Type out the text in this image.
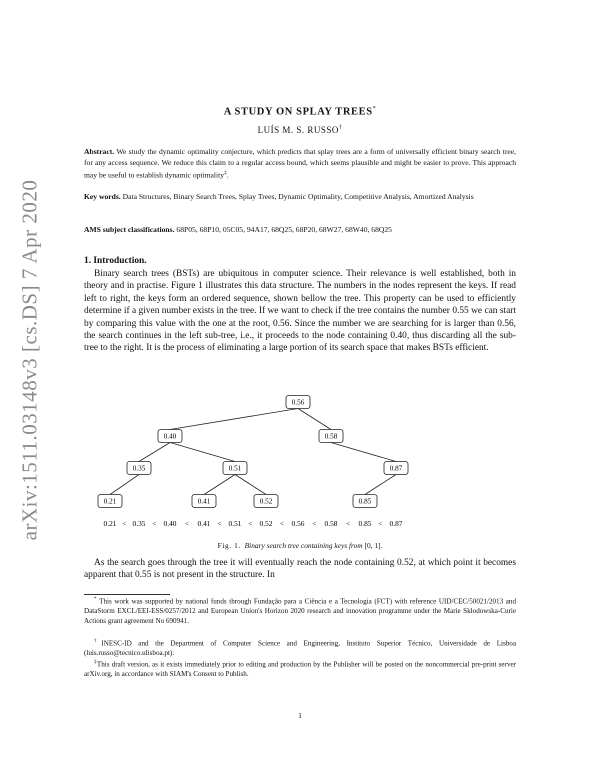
arXiv:1511.03148v3 [cs.DS] 7 Apr 2020
A STUDY ON SPLAY TREES*
LUÍS M. S. RUSSO†
Abstract. We study the dynamic optimality conjecture, which predicts that splay trees are a form of universally efficient binary search tree, for any access sequence. We reduce this claim to a regular access bound, which seems plausible and might be easier to prove. This approach may be useful to establish dynamic optimality‡.
Key words. Data Structures, Binary Search Trees, Splay Trees, Dynamic Optimality, Competitive Analysis, Amortized Analysis
AMS subject classifications. 68P05, 68P10, 05C05, 94A17, 68Q25, 68P20, 68W27, 68W40, 68Q25
1. Introduction.
Binary search trees (BSTs) are ubiquitous in computer science. Their relevance is well established, both in theory and in practise. Figure 1 illustrates this data structure. The numbers in the nodes represent the keys. If read left to right, the keys form an ordered sequence, shown bellow the tree. This property can be used to efficiently determine if a given number exists in the tree. If we want to check if the tree contains the number 0.55 we can start by comparing this value with the one at the root, 0.56. Since the number we are searching for is larger than 0.56, the search continues in the left sub-tree, i.e., it proceeds to the node containing 0.40, thus discarding all the sub-tree to the right. It is the process of eliminating a large portion of its search space that makes BSTs efficient.
0.56
0.40	0.58
0.35	0.51	0.87
0.21	0.41	0.52	0.85
0.21 < 0.35 < 0.40 < 0.41 < 0.51 < 0.52 < 0.56 < 0.58 < 0.85 < 0.87
Fig. 1. Binary search tree containing keys from [0, 1].
As the search goes through the tree it will eventually reach the node containing 0.52, at which point it becomes apparent that 0.55 is not present in the structure. In
* This work was supported by national funds through Fundação para a Ciência e a Tecnologia (FCT) with reference UID/CEC/50021/2013 and DataStorm EXCL/EEI-ESS/0257/2012 and European Union's Horizon 2020 research and innovation programme under the Marie Skłodowska-Curie Actions grant agreement No 690941.
†INESC-ID and the Department of Computer Science and Engineering, Instituto Superior Técnico, Universidade de Lisboa (luis.russo@tecnico.ulisboa.pt).
‡This draft version, as it exists immediately prior to editing and production by the Publisher will be posted on the noncommercial pre-print server arXiv.org, in accordance with SIAM's Consent to Publish.
1
